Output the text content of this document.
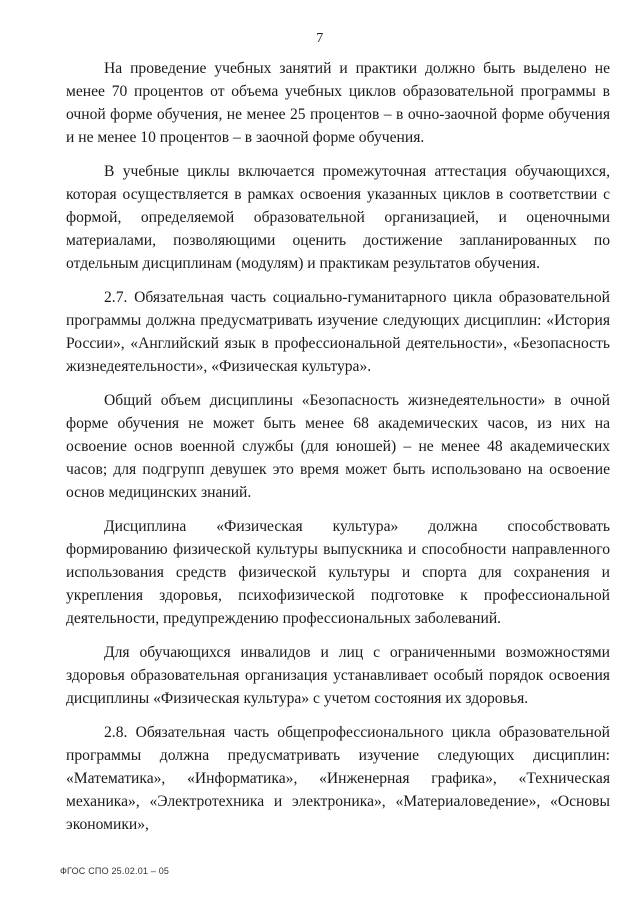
7

На проведение учебных занятий и практики должно быть выделено не менее 70 процентов от объема учебных циклов образовательной программы в очной форме обучения, не менее 25 процентов – в очно-заочной форме обучения и не менее 10 процентов – в заочной форме обучения.

В учебные циклы включается промежуточная аттестация обучающихся, которая осуществляется в рамках освоения указанных циклов в соответствии с формой, определяемой образовательной организацией, и оценочными материалами, позволяющими оценить достижение запланированных по отдельным дисциплинам (модулям) и практикам результатов обучения.

2.7. Обязательная часть социально-гуманитарного цикла образовательной программы должна предусматривать изучение следующих дисциплин: «История России», «Английский язык в профессиональной деятельности», «Безопасность жизнедеятельности», «Физическая культура».

Общий объем дисциплины «Безопасность жизнедеятельности» в очной форме обучения не может быть менее 68 академических часов, из них на освоение основ военной службы (для юношей) – не менее 48 академических часов; для подгрупп девушек это время может быть использовано на освоение основ медицинских знаний.

Дисциплина «Физическая культура» должна способствовать формированию физической культуры выпускника и способности направленного использования средств физической культуры и спорта для сохранения и укрепления здоровья, психофизической подготовке к профессиональной деятельности, предупреждению профессиональных заболеваний.

Для обучающихся инвалидов и лиц с ограниченными возможностями здоровья образовательная организация устанавливает особый порядок освоения дисциплины «Физическая культура» с учетом состояния их здоровья.

2.8. Обязательная часть общепрофессионального цикла образовательной программы должна предусматривать изучение следующих дисциплин: «Математика», «Информатика», «Инженерная графика», «Техническая механика», «Электротехника и электроника», «Материаловедение», «Основы экономики»,

ФГОС СПО 25.02.01 – 05
